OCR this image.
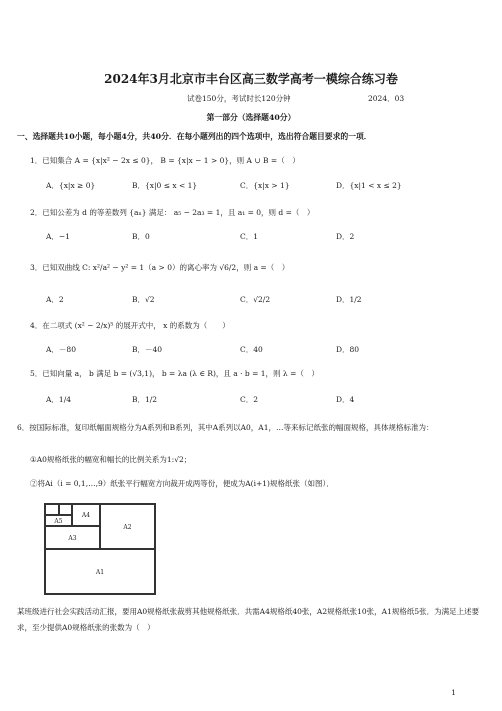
2024年3月北京市丰台区高三数学高考一模综合练习卷
试卷150分，考试时长120分钟	2024．03
第一部分（选择题40分）
一、选择题共10小题，每小题4分，共40分．在每小题列出的四个选项中，选出符合题目要求的一项．
1．已知集合 A = {x|x² − 2x ≤ 0}， B = {x|x − 1 > 0}，则 A ∪ B =（　）
A．{x|x ≥ 0}	B．{x|0 ≤ x < 1}	C．{x|x > 1}	D．{x|1 < x ≤ 2}
2．已知公差为 d 的等差数列 {aₙ} 满足： a₅ − 2a₃ = 1，且 a₁ = 0，则 d =（　）
A．−1	B．0	C．1	D．2
3．已知双曲线 C: x²/a² − y² = 1（a > 0）的离心率为 √6/2，则 a =（　）
A．2	B．√2	C．√2/2	D．1/2
4．在二项式 (x² − 2/x)⁵ 的展开式中， x 的系数为（　　）
A．－80	B．－40	C．40	D．80
5．已知向量 a， b 满足 b = (√3,1)， b = λa (λ ∈ R)，且 a · b = 1，则 λ =（　）
A．1/4	B．1/2	C．2	D．4
6．按国际标准，复印纸幅面规格分为A系列和B系列，其中A系列以A0，A1，…等来标记纸张的幅面规格，具体规格标准为：
①A0规格纸张的幅宽和幅长的比例关系为1:√2；
②将Ai（i = 0,1,…,9）纸张平行幅宽方向裁开成两等份，便成为A(i+1)规格纸张（如图）．
A1
A2
A3
A4
A5
某班级进行社会实践活动汇报，要用A0规格纸张裁剪其他规格纸张．共需A4规格纸40张，A2规格纸张10张，A1规格纸5张．为满足上述要求，至少提供A0规格纸张的张数为（　）
1
